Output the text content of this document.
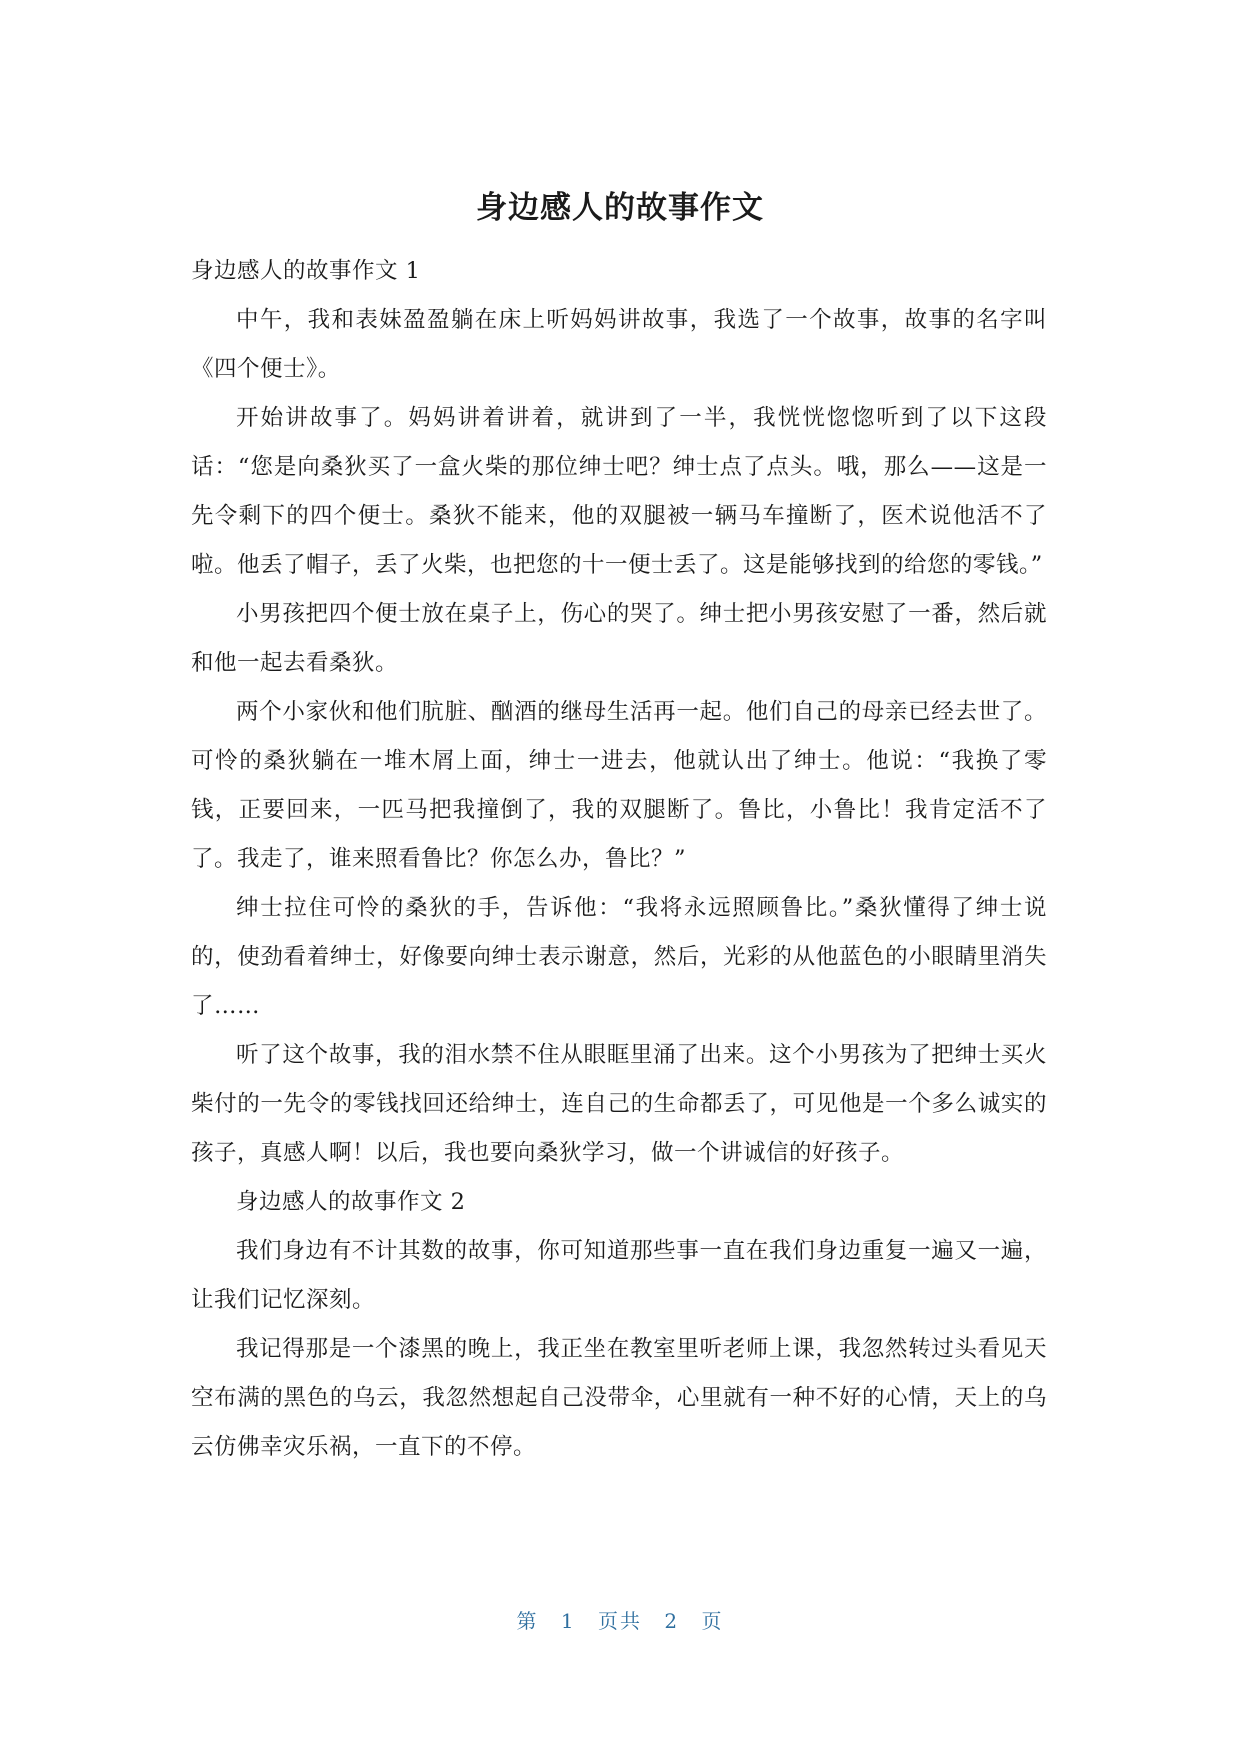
身边感人的故事作文

身边感人的故事作文 1

中午，我和表妹盈盈躺在床上听妈妈讲故事，我选了一个故事，故事的名字叫《四个便士》。

开始讲故事了。妈妈讲着讲着，就讲到了一半，我恍恍惚惚听到了以下这段话：“您是向桑狄买了一盒火柴的那位绅士吧？绅士点了点头。哦，那么——这是一先令剩下的四个便士。桑狄不能来，他的双腿被一辆马车撞断了，医术说他活不了啦。他丢了帽子，丢了火柴，也把您的十一便士丢了。这是能够找到的给您的零钱。”

小男孩把四个便士放在桌子上，伤心的哭了。绅士把小男孩安慰了一番，然后就和他一起去看桑狄。

两个小家伙和他们肮脏、酗酒的继母生活再一起。他们自己的母亲已经去世了。可怜的桑狄躺在一堆木屑上面，绅士一进去，他就认出了绅士。他说：“我换了零钱，正要回来，一匹马把我撞倒了，我的双腿断了。鲁比，小鲁比！我肯定活不了了。我走了，谁来照看鲁比？你怎么办，鲁比？”

绅士拉住可怜的桑狄的手，告诉他：“我将永远照顾鲁比。”桑狄懂得了绅士说的，使劲看着绅士，好像要向绅士表示谢意，然后，光彩的从他蓝色的小眼睛里消失了……

听了这个故事，我的泪水禁不住从眼眶里涌了出来。这个小男孩为了把绅士买火柴付的一先令的零钱找回还给绅士，连自己的生命都丢了，可见他是一个多么诚实的孩子，真感人啊！以后，我也要向桑狄学习，做一个讲诚信的好孩子。

身边感人的故事作文 2

我们身边有不计其数的故事，你可知道那些事一直在我们身边重复一遍又一遍，让我们记忆深刻。

我记得那是一个漆黑的晚上，我正坐在教室里听老师上课，我忽然转过头看见天空布满的黑色的乌云，我忽然想起自己没带伞，心里就有一种不好的心情，天上的乌云仿佛幸灾乐祸，一直下的不停。

第 1 页共 2 页
